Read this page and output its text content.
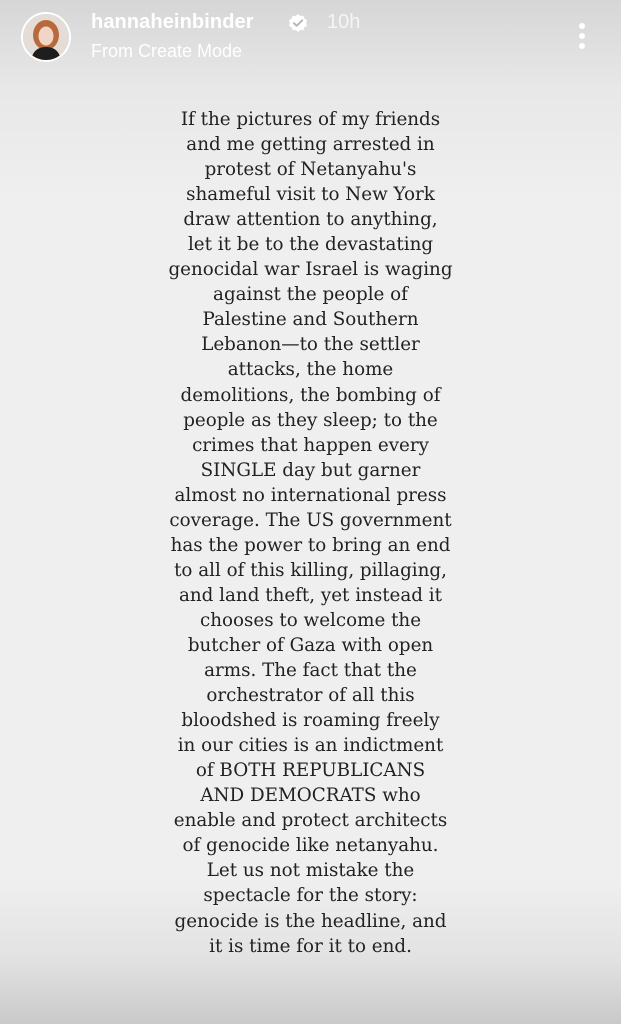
hannaheinbinder	10h
From Create Mode

If the pictures of my friends
and me getting arrested in
protest of Netanyahu's
shameful visit to New York
draw attention to anything,
let it be to the devastating
genocidal war Israel is waging
against the people of
Palestine and Southern
Lebanon—to the settler
attacks, the home
demolitions, the bombing of
people as they sleep; to the
crimes that happen every
SINGLE day but garner
almost no international press
coverage. The US government
has the power to bring an end
to all of this killing, pillaging,
and land theft, yet instead it
chooses to welcome the
butcher of Gaza with open
arms. The fact that the
orchestrator of all this
bloodshed is roaming freely
in our cities is an indictment
of BOTH REPUBLICANS
AND DEMOCRATS who
enable and protect architects
of genocide like netanyahu.
Let us not mistake the
spectacle for the story:
genocide is the headline, and
it is time for it to end.
